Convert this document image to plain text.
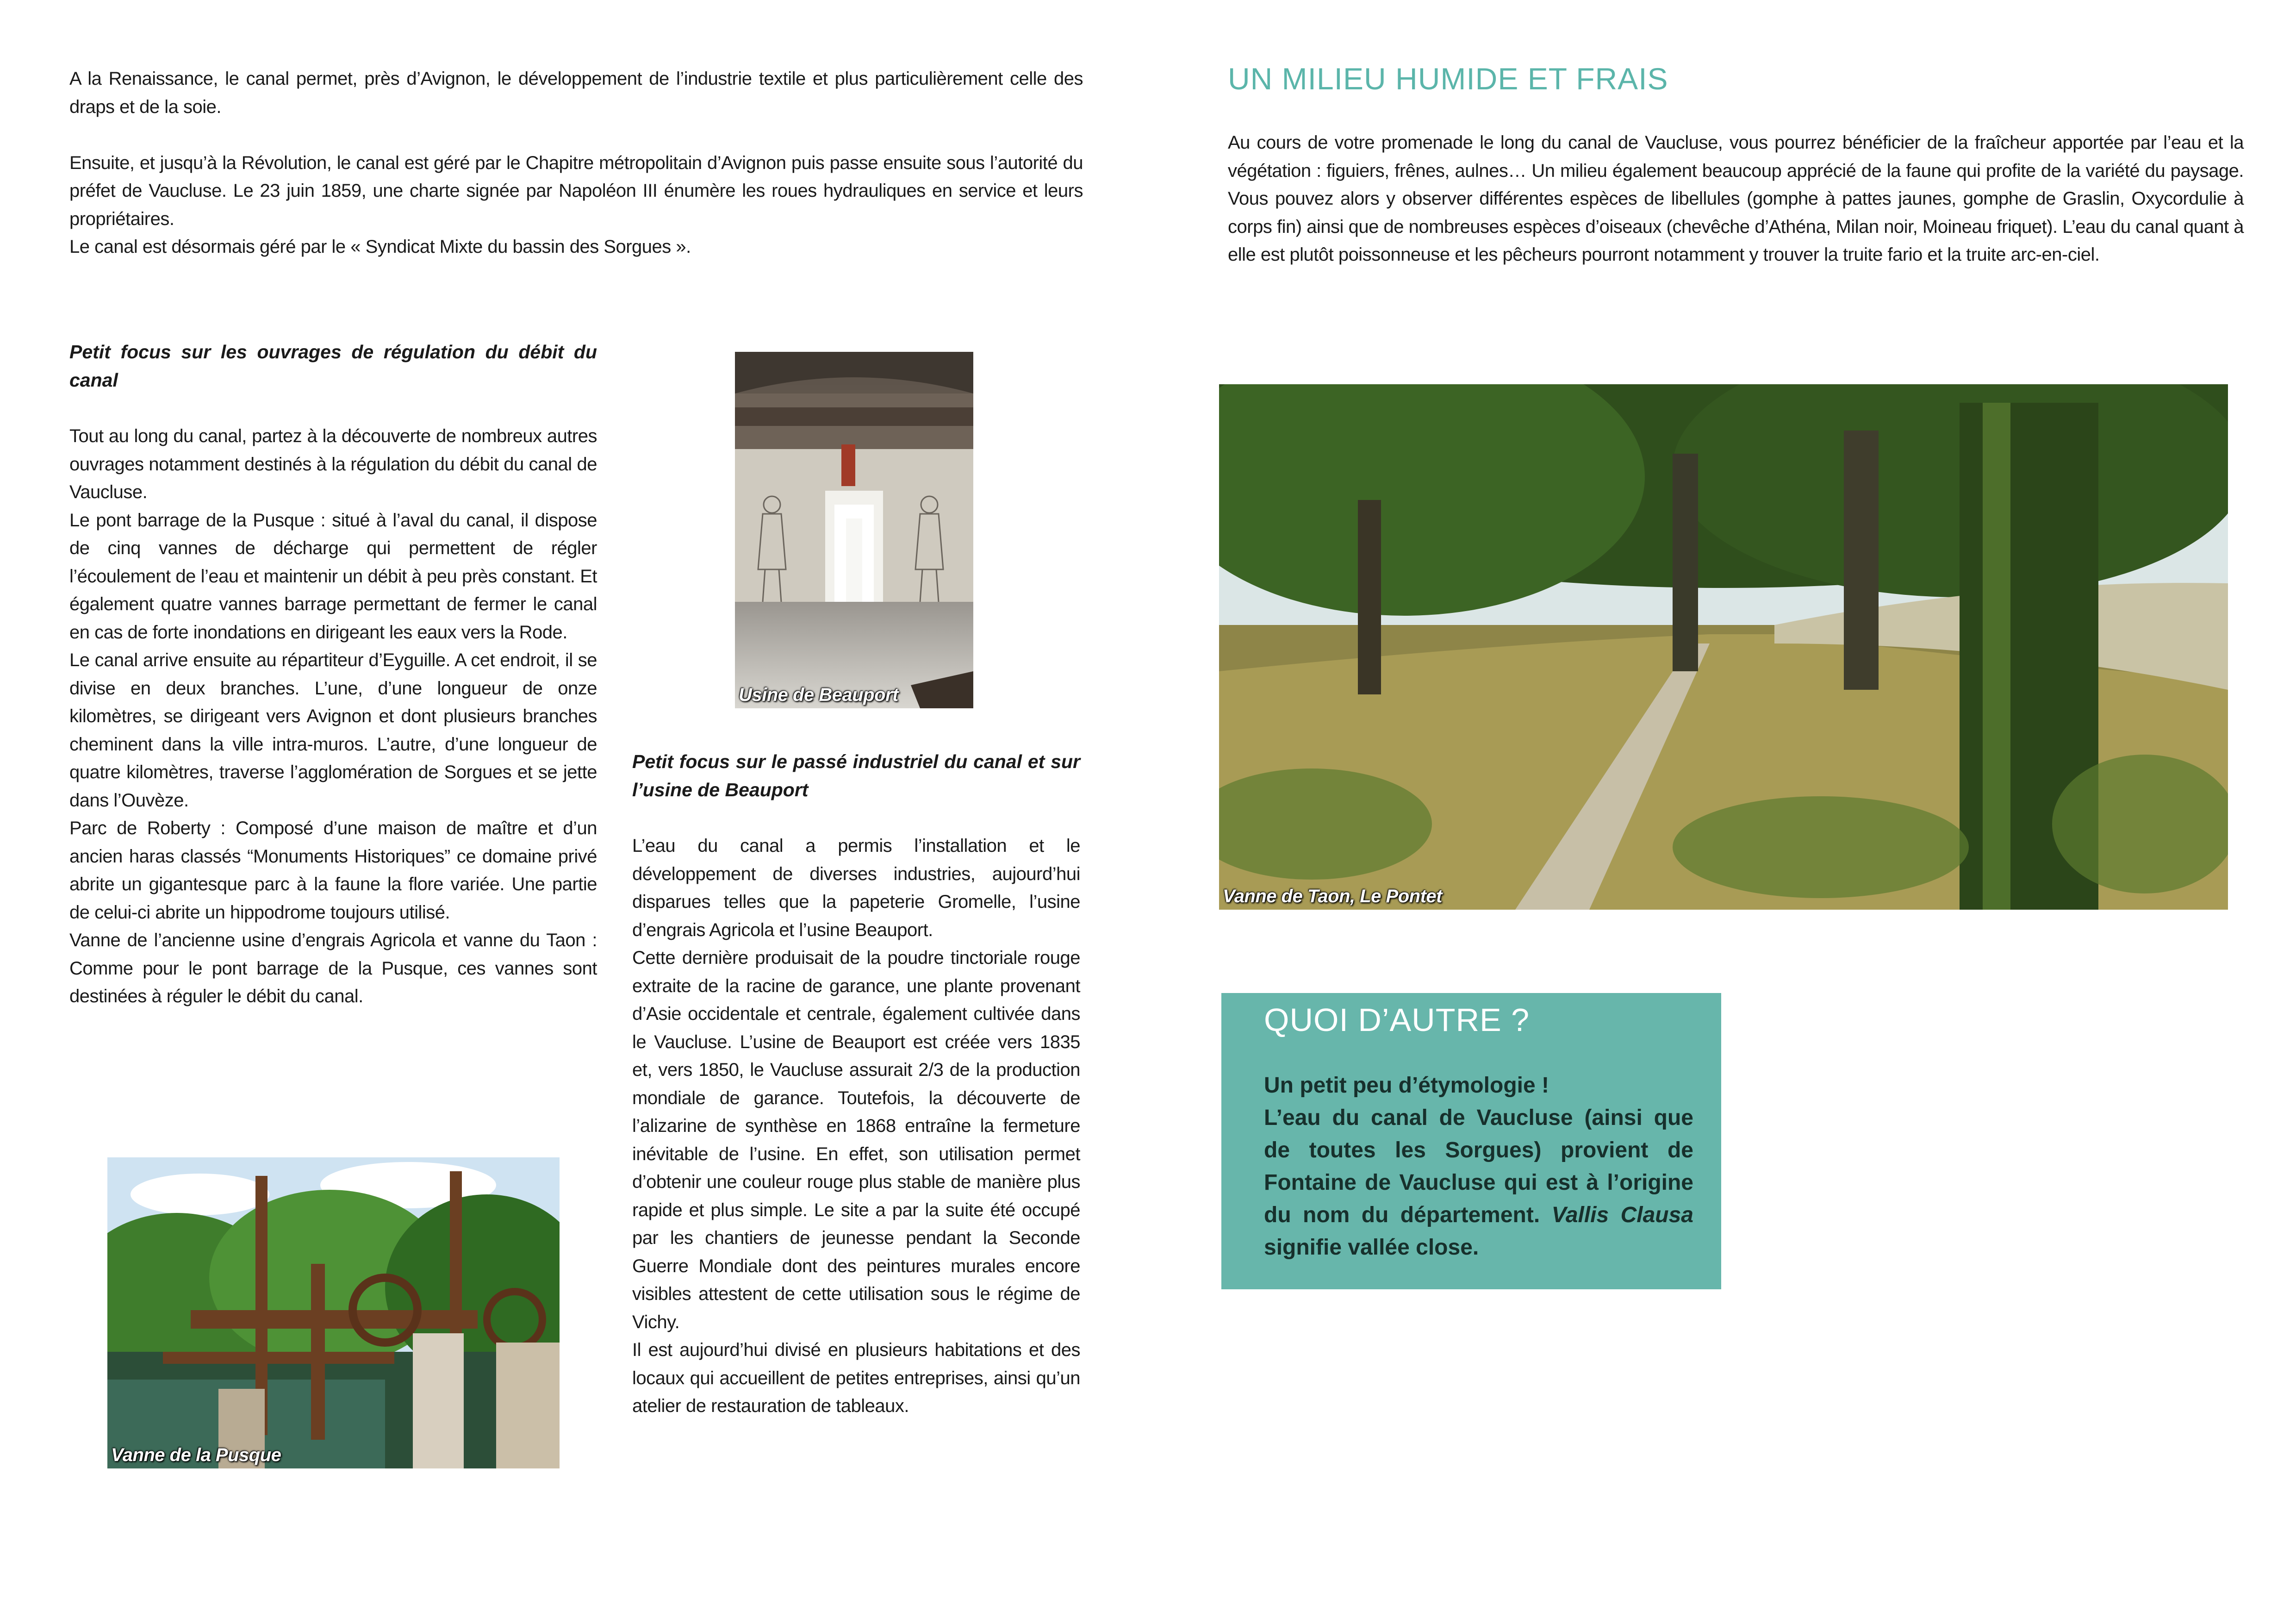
A la Renaissance, le canal permet, près d’Avignon, le développement de l’industrie textile et plus particulièrement celle des draps et de la soie.

Ensuite, et jusqu’à la Révolution, le canal est géré par le Chapitre métropolitain d’Avignon puis passe ensuite sous l’autorité du préfet de Vaucluse. Le 23 juin 1859, une charte signée par Napoléon III énumère les roues hydrauliques en service et leurs propriétaires.
Le canal est désormais géré par le « Syndicat Mixte du bassin des Sorgues ».

Petit focus sur les ouvrages de régulation du débit du canal

Tout au long du canal, partez à la découverte de nombreux autres ouvrages notamment destinés à la régulation du débit du canal de Vaucluse.
Le pont barrage de la Pusque : situé à l’aval du canal, il dispose de cinq vannes de décharge qui permettent de régler l’écoulement de l’eau et maintenir un débit à peu près constant. Et également quatre vannes barrage permettant de fermer le canal en cas de forte inondations en dirigeant les eaux vers la Rode.
Le canal arrive ensuite au répartiteur d’Eyguille. A cet endroit, il se divise en deux branches. L’une, d’une longueur de onze kilomètres, se dirigeant vers Avignon et dont plusieurs branches cheminent dans la ville intra-muros. L’autre, d’une longueur de quatre kilomètres, traverse l’agglomération de Sorgues et se jette dans l’Ouvèze.
Parc de Roberty : Composé d’une maison de maître et d’un ancien haras classés “Monuments Historiques” ce domaine privé abrite un gigantesque parc à la faune la flore variée. Une partie de celui-ci abrite un hippodrome toujours utilisé.
Vanne de l’ancienne usine d’engrais Agricola et vanne du Taon : Comme pour le pont barrage de la Pusque, ces vannes sont destinées à réguler le débit du canal.

Usine de Beauport

Petit focus sur le passé industriel du canal et sur l’usine de Beauport

L’eau du canal a permis l’installation et le développement de diverses industries, aujourd’hui disparues telles que la papeterie Gromelle, l’usine d’engrais Agricola et l’usine Beauport.
Cette dernière produisait de la poudre tinctoriale rouge extraite de la racine de garance, une plante provenant d’Asie occidentale et centrale, également cultivée dans le Vaucluse. L’usine de Beauport est créée vers 1835 et, vers 1850, le Vaucluse assurait 2/3 de la production mondiale de garance. Toutefois, la découverte de l’alizarine de synthèse en 1868 entraîne la fermeture inévitable de l’usine. En effet, son utilisation permet d’obtenir une couleur rouge plus stable de manière plus rapide et plus simple. Le site a par la suite été occupé par les chantiers de jeunesse pendant la Seconde Guerre Mondiale dont des peintures murales encore visibles attestent de cette utilisation sous le régime de Vichy.
Il est aujourd’hui divisé en plusieurs habitations et des locaux qui accueillent de petites entreprises, ainsi qu’un atelier de restauration de tableaux.

Vanne de la Pusque
UN MILIEU HUMIDE ET FRAIS

Au cours de votre promenade le long du canal de Vaucluse, vous pourrez bénéficier de la fraîcheur apportée par l’eau et la végétation : figuiers, frênes, aulnes… Un milieu également beaucoup apprécié de la faune qui profite de la variété du paysage. Vous pouvez alors y observer différentes espèces de libellules (gomphe à pattes jaunes, gomphe de Graslin, Oxycordulie à corps fin) ainsi que de nombreuses espèces d’oiseaux (chevêche d’Athéna, Milan noir, Moineau friquet). L’eau du canal quant à elle est plutôt poissonneuse et les pêcheurs pourront notamment y trouver la truite fario et la truite arc-en-ciel.

Vanne de Taon, Le Pontet
QUOI D’AUTRE ?
Un petit peu d’étymologie !
L’eau du canal de Vaucluse (ainsi que de toutes les Sorgues) provient de Fontaine de Vaucluse qui est à l’origine du nom du département. Vallis Clausa signifie vallée close.
